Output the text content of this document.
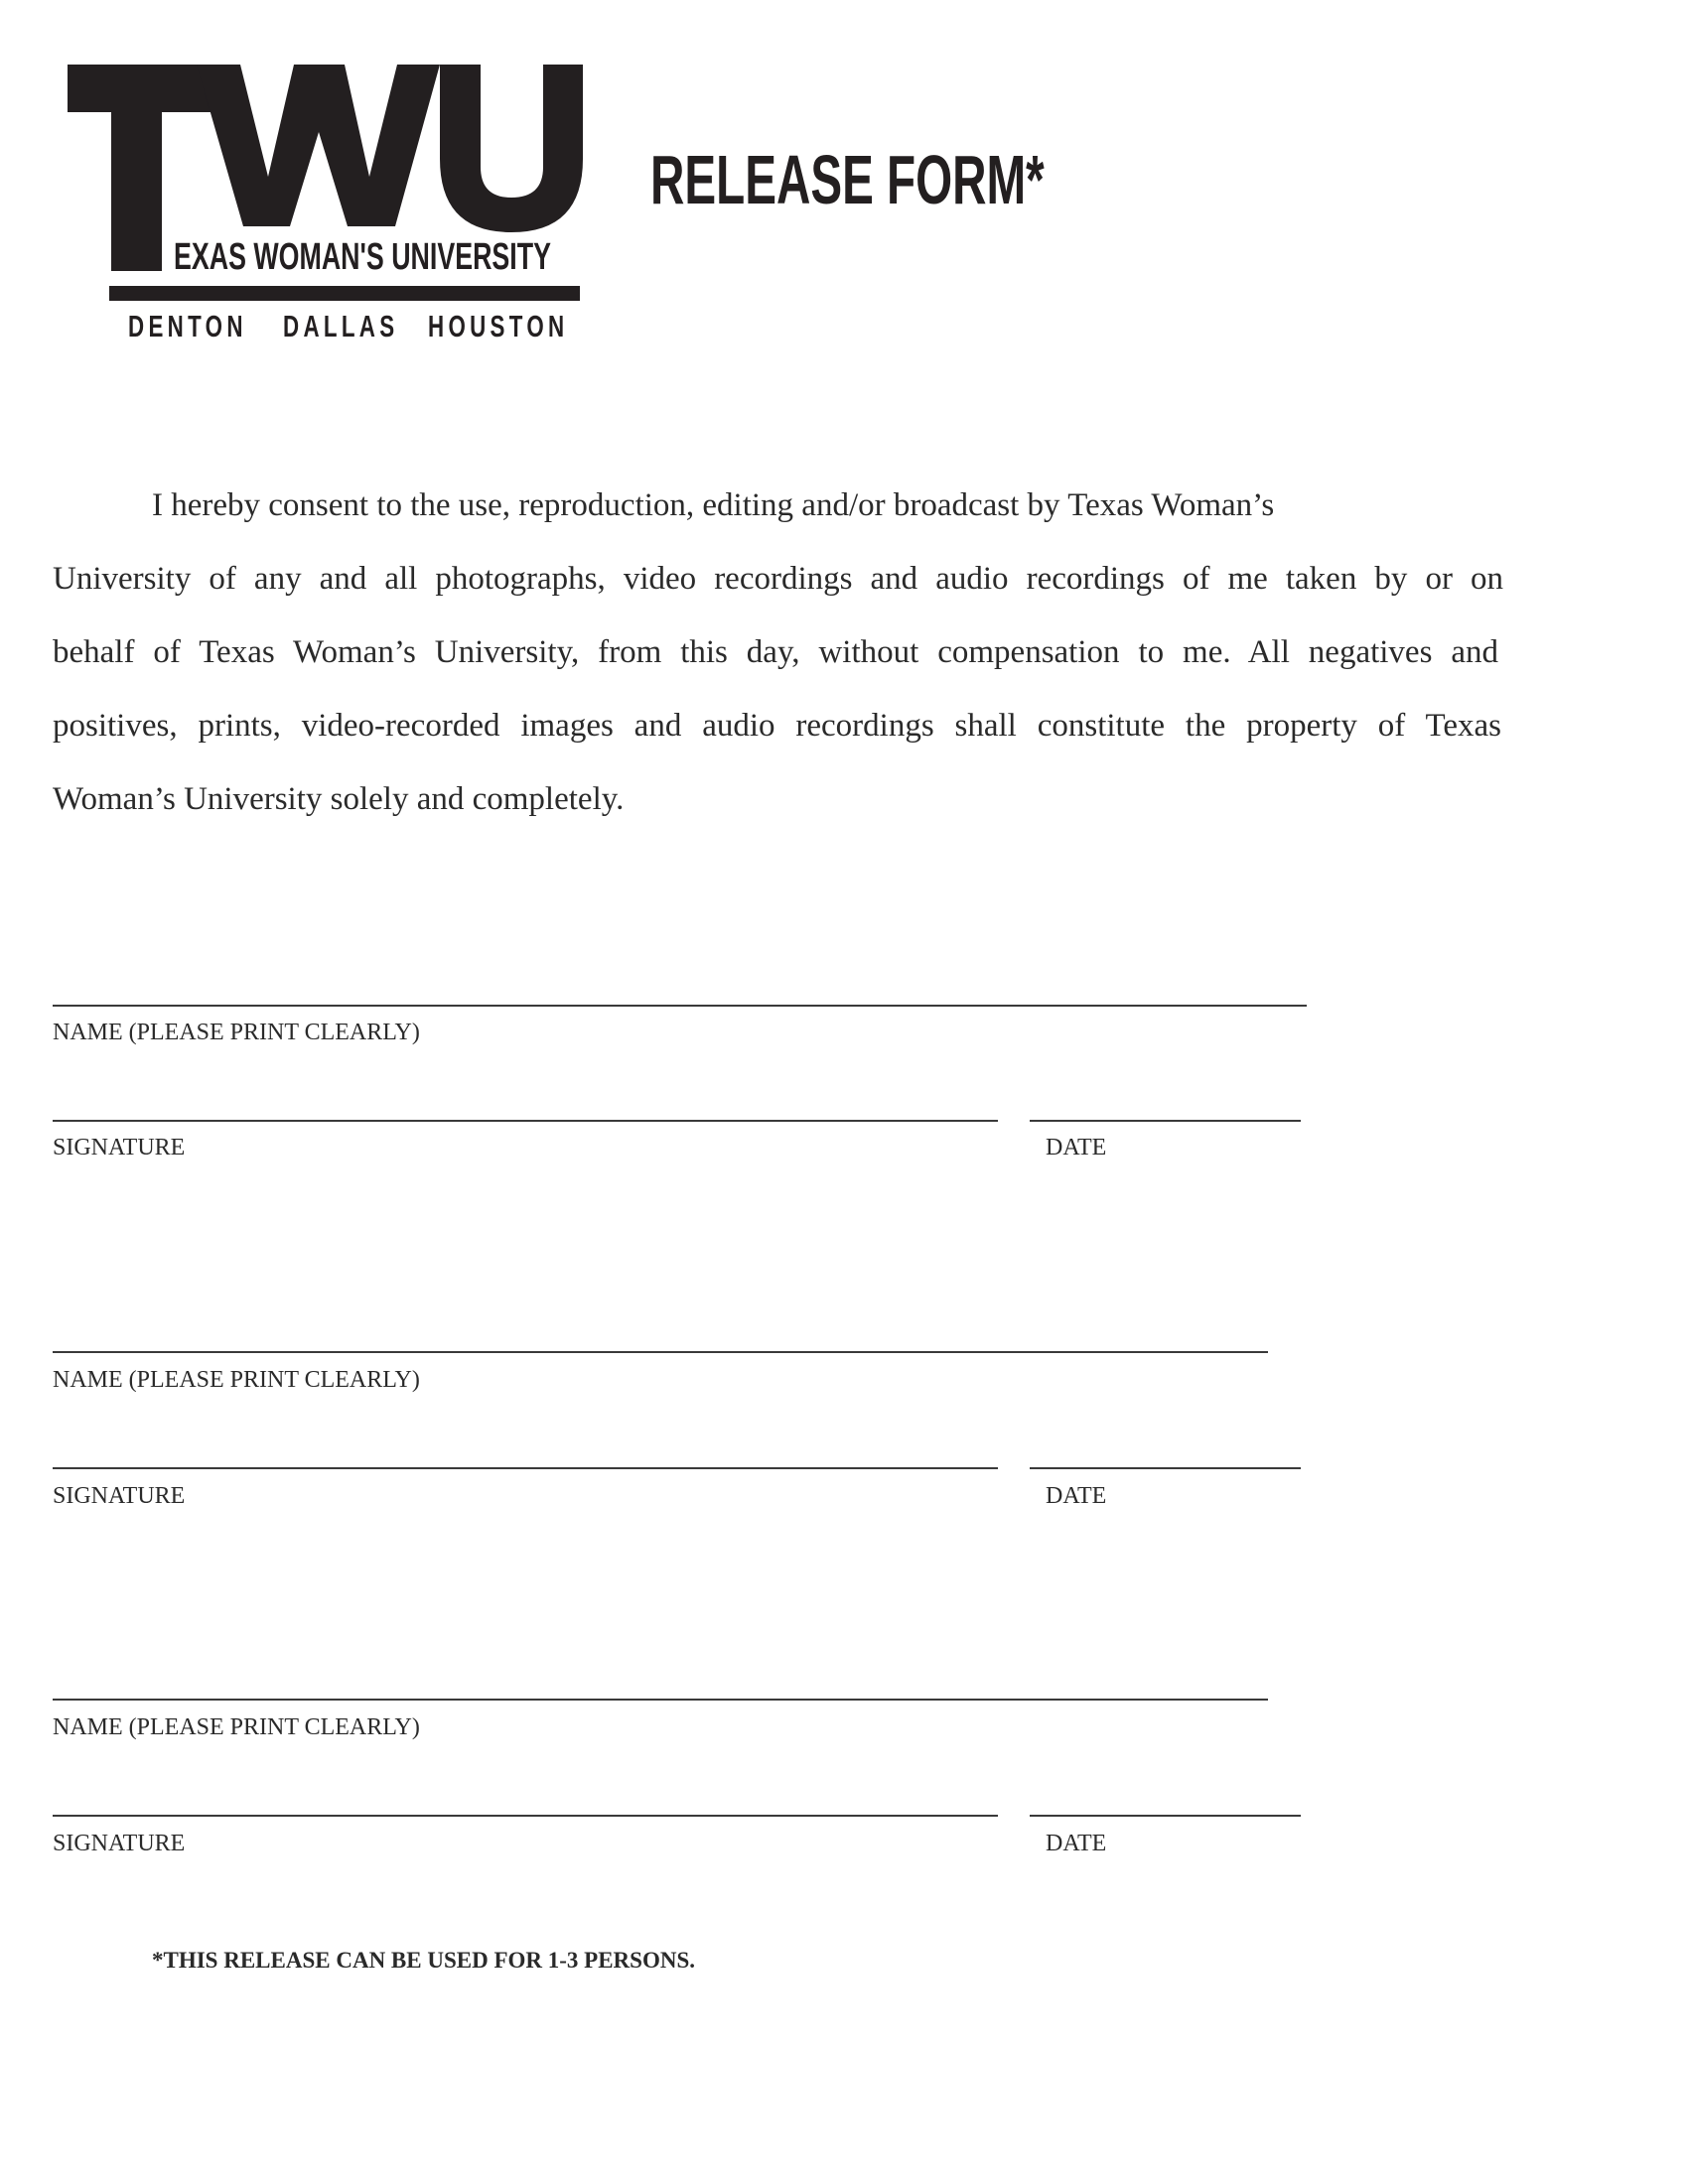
EXAS WOMAN'S UNIVERSITY
DENTON DALLAS HOUSTON
RELEASE FORM*
I hereby consent to the use, reproduction, editing and/or broadcast by Texas Woman’s
University of any and all photographs, video recordings and audio recordings of me taken by or on
behalf of Texas Woman’s University, from this day, without compensation to me. All negatives and
positives, prints, video-recorded images and audio recordings shall constitute the property of Texas
Woman’s University solely and completely.
NAME (PLEASE PRINT CLEARLY)
SIGNATURE	DATE
NAME (PLEASE PRINT CLEARLY)
SIGNATURE	DATE
NAME (PLEASE PRINT CLEARLY)
SIGNATURE	DATE
*THIS RELEASE CAN BE USED FOR 1-3 PERSONS.
